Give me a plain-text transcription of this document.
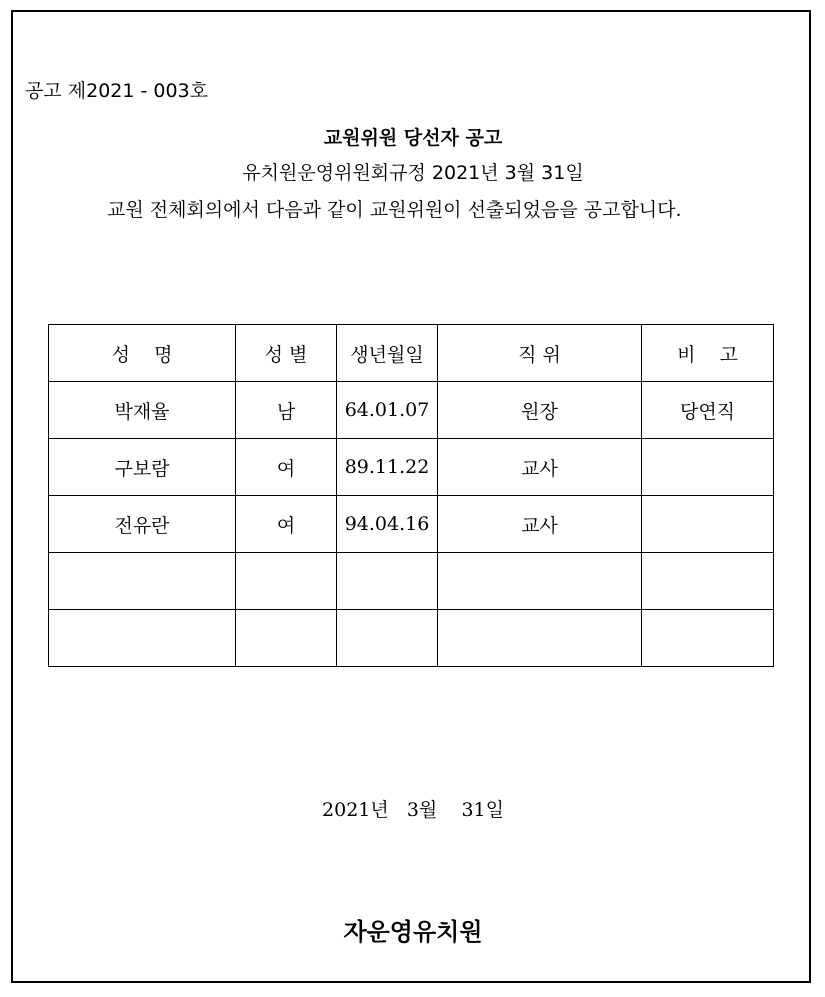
공고 제2021 - 003호
교원위원 당선자 공고
유치원운영위원회규정 2021년 3월 31일
교원 전체회의에서 다음과 같이 교원위원이 선출되었음을 공고합니다.
성    명	성 별	생년월일	직 위	비    고
박재율	남	64.01.07	원장	당연직
구보람	여	89.11.22	교사	
전유란	여	94.04.16	교사	

2021년   3월    31일
자운영유치원
